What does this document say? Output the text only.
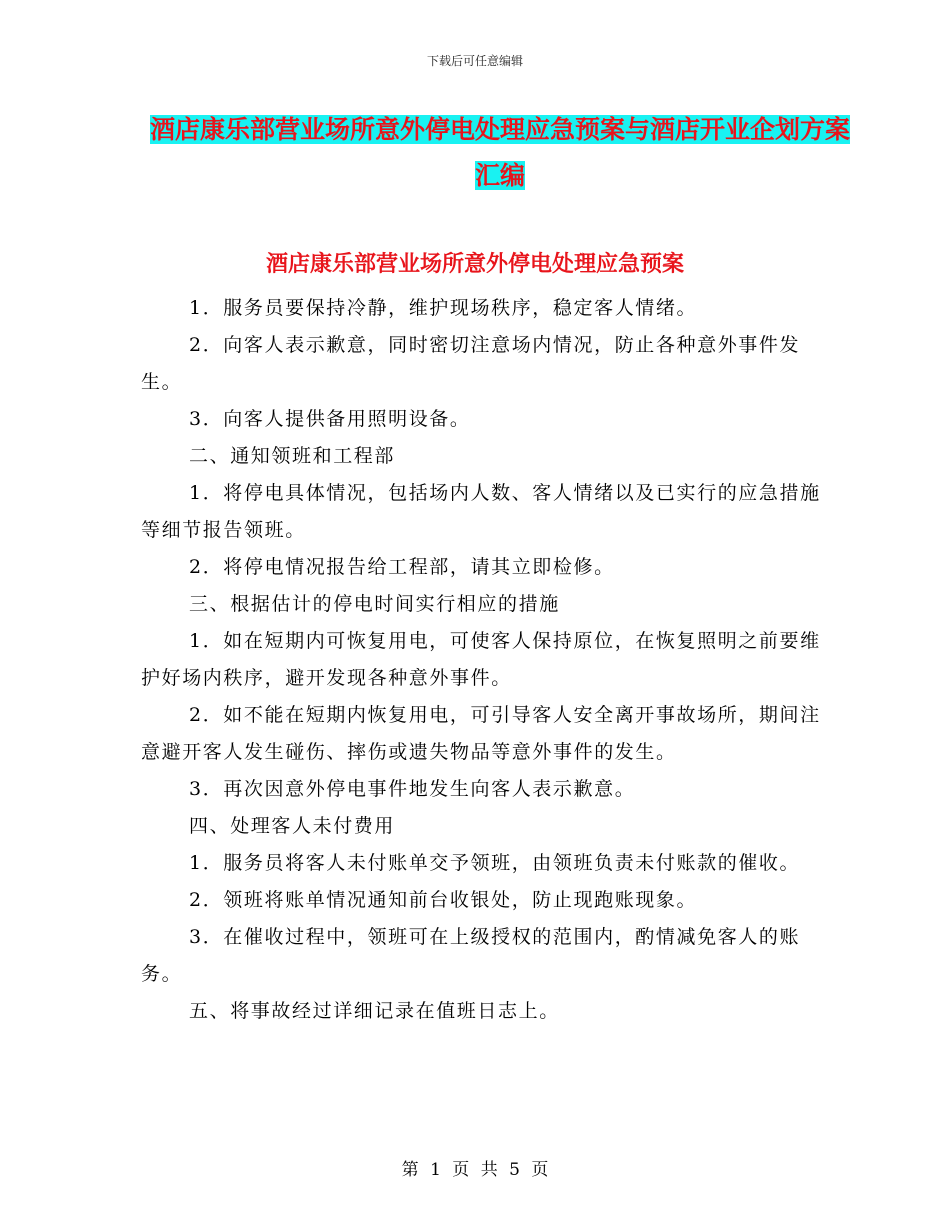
下载后可任意编辑
酒店康乐部营业场所意外停电处理应急预案与酒店开业企划方案汇编
酒店康乐部营业场所意外停电处理应急预案

1．服务员要保持冷静，维护现场秩序，稳定客人情绪。

2．向客人表示歉意，同时密切注意场内情况，防止各种意外事件发生。

3．向客人提供备用照明设备。

二、通知领班和工程部

1．将停电具体情况，包括场内人数、客人情绪以及已实行的应急措施等细节报告领班。

2．将停电情况报告给工程部，请其立即检修。

三、根据估计的停电时间实行相应的措施

1．如在短期内可恢复用电，可使客人保持原位，在恢复照明之前要维护好场内秩序，避开发现各种意外事件。

2．如不能在短期内恢复用电，可引导客人安全离开事故场所，期间注意避开客人发生碰伤、摔伤或遗失物品等意外事件的发生。

3．再次因意外停电事件地发生向客人表示歉意。

四、处理客人未付费用

1．服务员将客人未付账单交予领班，由领班负责未付账款的催收。

2．领班将账单情况通知前台收银处，防止现跑账现象。

3．在催收过程中，领班可在上级授权的范围内，酌情减免客人的账务。

五、将事故经过详细记录在值班日志上。

第 1 页 共 5 页
